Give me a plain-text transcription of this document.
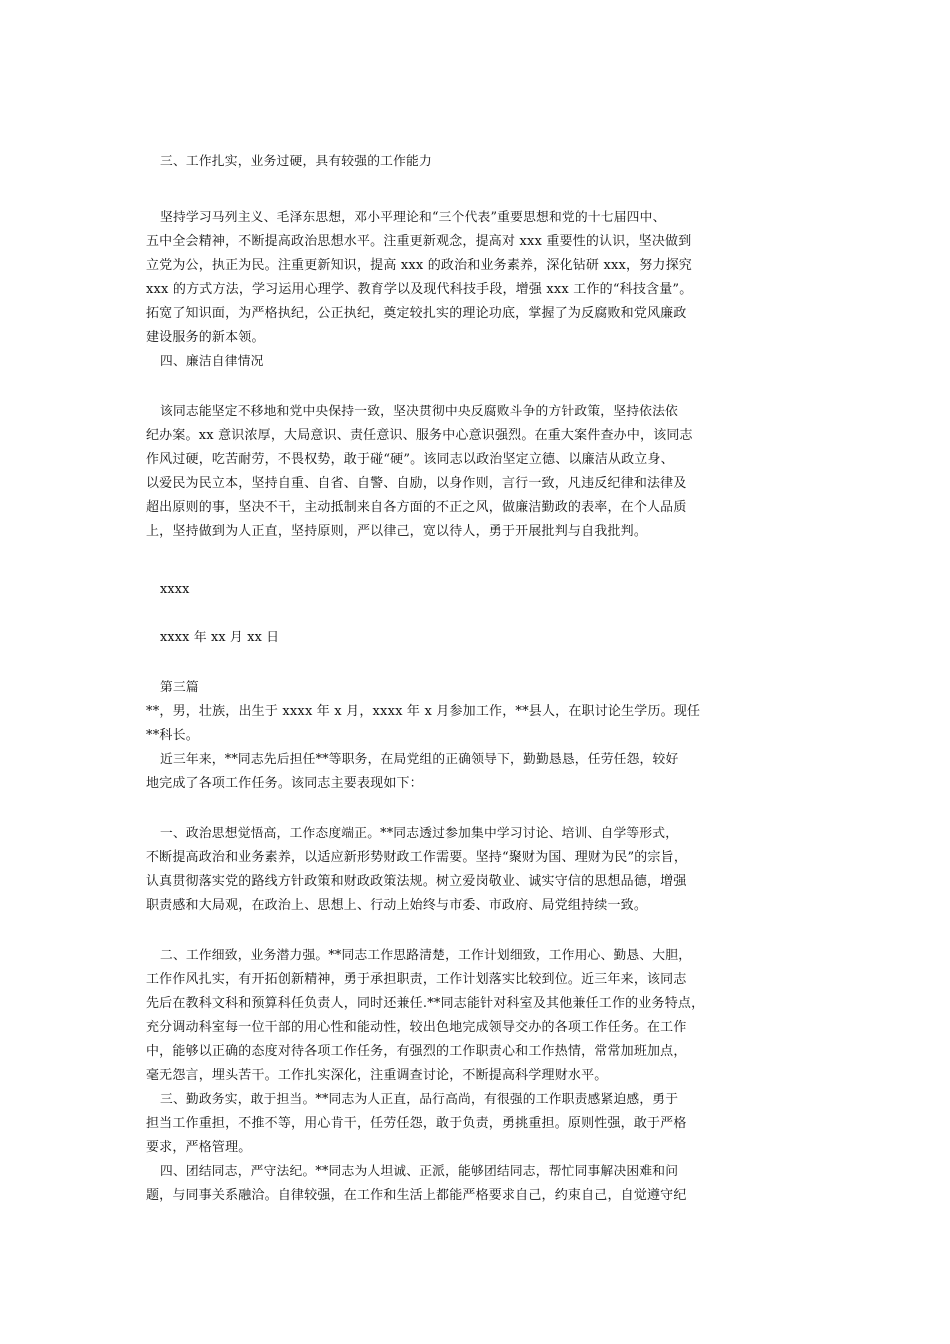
三、工作扎实，业务过硬，具有较强的工作能力
坚持学习马列主义、毛泽东思想，邓小平理论和“三个代表”重要思想和党的十七届四中、
五中全会精神，不断提高政治思想水平。注重更新观念，提高对 xxx 重要性的认识，坚决做到
立党为公，执正为民。注重更新知识，提高 xxx 的政治和业务素养，深化钻研 xxx，努力探究
xxx 的方式方法，学习运用心理学、教育学以及现代科技手段，增强 xxx 工作的“科技含量”。
拓宽了知识面，为严格执纪，公正执纪，奠定较扎实的理论功底，掌握了为反腐败和党风廉政
建设服务的新本领。
四、廉洁自律情况
该同志能坚定不移地和党中央保持一致，坚决贯彻中央反腐败斗争的方针政策，坚持依法依
纪办案。xx 意识浓厚，大局意识、责任意识、服务中心意识强烈。在重大案件查办中，该同志
作风过硬，吃苦耐劳，不畏权势，敢于碰“硬”。该同志以政治坚定立德、以廉洁从政立身、
以爱民为民立本，坚持自重、自省、自警、自励，以身作则，言行一致，凡违反纪律和法律及
超出原则的事，坚决不干，主动抵制来自各方面的不正之风，做廉洁勤政的表率，在个人品质
上，坚持做到为人正直，坚持原则，严以律己，宽以待人，勇于开展批判与自我批判。
xxxx
xxxx 年 xx 月 xx 日
第三篇
**，男，壮族，出生于 xxxx 年 x 月，xxxx 年 x 月参加工作，**县人，在职讨论生学历。现任
**科长。
近三年来，**同志先后担任**等职务，在局党组的正确领导下，勤勤恳恳，任劳任怨，较好
地完成了各项工作任务。该同志主要表现如下：
一、政治思想觉悟高，工作态度端正。**同志透过参加集中学习讨论、培训、自学等形式，
不断提高政治和业务素养，以适应新形势财政工作需要。坚持“聚财为国、理财为民”的宗旨，
认真贯彻落实党的路线方针政策和财政政策法规。树立爱岗敬业、诚实守信的思想品德，增强
职责感和大局观，在政治上、思想上、行动上始终与市委、市政府、局党组持续一致。
二、工作细致，业务潜力强。**同志工作思路清楚，工作计划细致，工作用心、勤恳、大胆，
工作作风扎实，有开拓创新精神，勇于承担职责，工作计划落实比较到位。近三年来，该同志
先后在教科文科和预算科任负责人，同时还兼任.**同志能针对科室及其他兼任工作的业务特点，
充分调动科室每一位干部的用心性和能动性，较出色地完成领导交办的各项工作任务。在工作
中，能够以正确的态度对待各项工作任务，有强烈的工作职责心和工作热情，常常加班加点，
毫无怨言，埋头苦干。工作扎实深化，注重调查讨论，不断提高科学理财水平。
三、勤政务实，敢于担当。**同志为人正直，品行高尚，有很强的工作职责感紧迫感，勇于
担当工作重担，不推不等，用心肯干，任劳任怨，敢于负责，勇挑重担。原则性强，敢于严格
要求，严格管理。
四、团结同志，严守法纪。**同志为人坦诚、正派，能够团结同志，帮忙同事解决困难和问
题，与同事关系融洽。自律较强，在工作和生活上都能严格要求自己，约束自己，自觉遵守纪
